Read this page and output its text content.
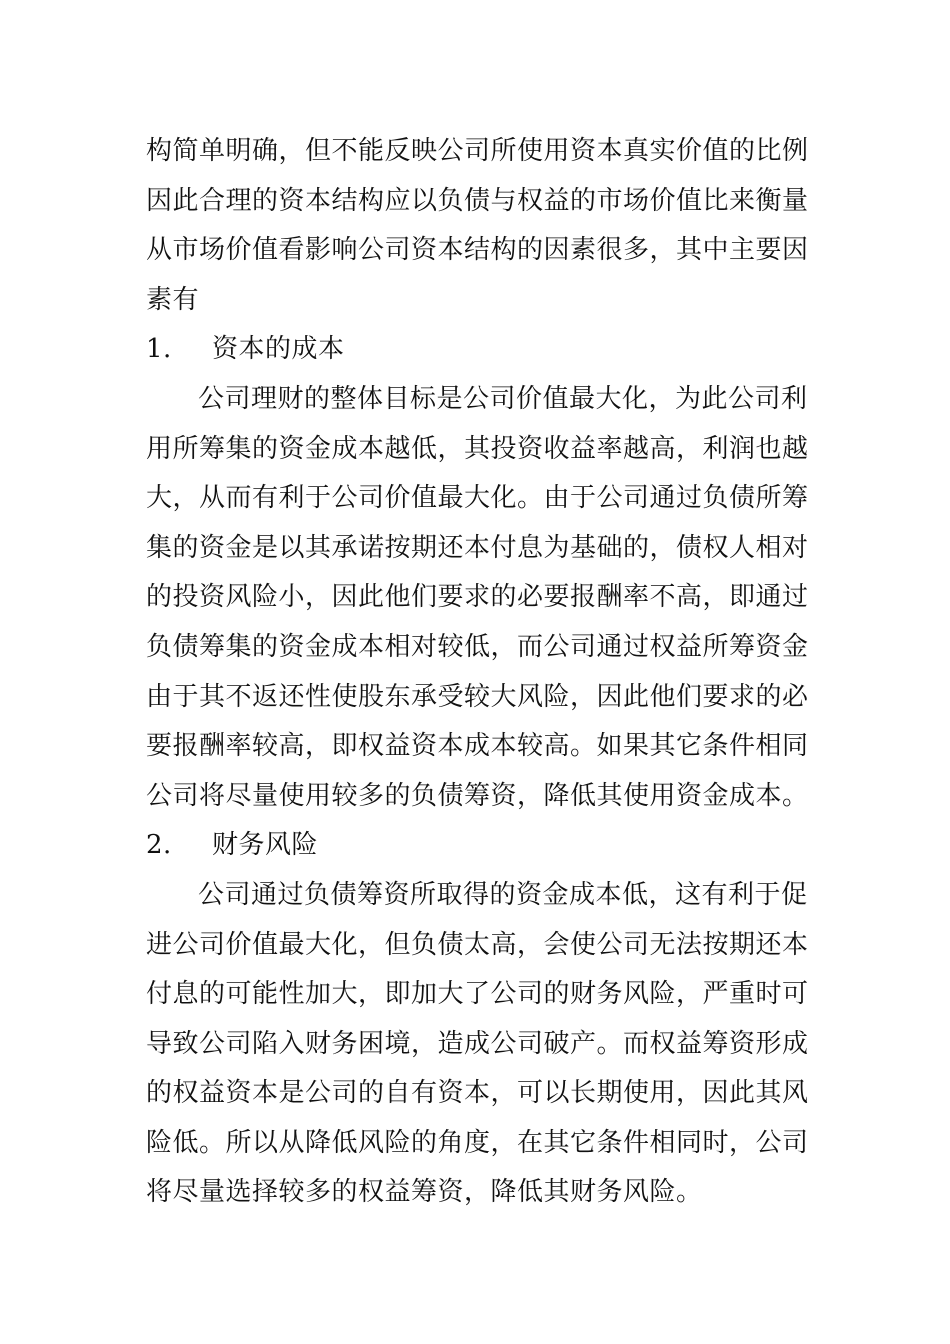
构简单明确，但不能反映公司所使用资本真实价值的比例
因此合理的资本结构应以负债与权益的市场价值比来衡量
从市场价值看影响公司资本结构的因素很多，其中主要因
素有
1. 资本的成本
公司理财的整体目标是公司价值最大化，为此公司利
用所筹集的资金成本越低，其投资收益率越高，利润也越
大，从而有利于公司价值最大化。由于公司通过负债所筹
集的资金是以其承诺按期还本付息为基础的，债权人相对
的投资风险小，因此他们要求的必要报酬率不高，即通过
负债筹集的资金成本相对较低，而公司通过权益所筹资金
由于其不返还性使股东承受较大风险，因此他们要求的必
要报酬率较高，即权益资本成本较高。如果其它条件相同
公司将尽量使用较多的负债筹资，降低其使用资金成本。
2. 财务风险
公司通过负债筹资所取得的资金成本低，这有利于促
进公司价值最大化，但负债太高，会使公司无法按期还本
付息的可能性加大，即加大了公司的财务风险，严重时可
导致公司陷入财务困境，造成公司破产。而权益筹资形成
的权益资本是公司的自有资本，可以长期使用，因此其风
险低。所以从降低风险的角度，在其它条件相同时，公司
将尽量选择较多的权益筹资，降低其财务风险。
